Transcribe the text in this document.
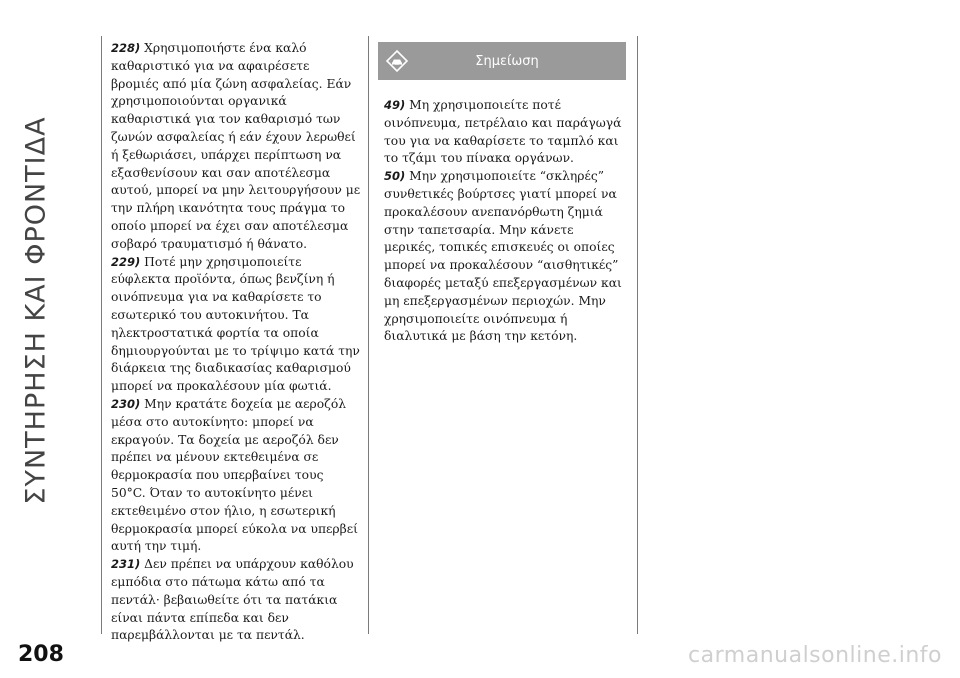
ΣΥΝΤΗΡΗΣΗ ΚΑΙ ΦΡΟΝΤΙΔΑ

228) Χρησιμοποιήστε ένα καλό καθαριστικό για να αφαιρέσετε βρομιές από μία ζώνη ασφαλείας. Εάν χρησιμοποιούνται οργανικά καθαριστικά για τον καθαρισμό των ζωνών ασφαλείας ή εάν έχουν λερωθεί ή ξεθωριάσει, υπάρχει περίπτωση να εξασθενίσουν και σαν αποτέλεσμα αυτού, μπορεί να μην λειτουργήσουν με την πλήρη ικανότητα τους πράγμα το οποίο μπορεί να έχει σαν αποτέλεσμα σοβαρό τραυματισμό ή θάνατο.

229) Ποτέ μην χρησιμοποιείτε εύφλεκτα προϊόντα, όπως βενζίνη ή οινόπνευμα για να καθαρίσετε το εσωτερικό του αυτοκινήτου. Τα ηλεκτροστατικά φορτία τα οποία δημιουργούνται με το τρίψιμο κατά την διάρκεια της διαδικασίας καθαρισμού μπορεί να προκαλέσουν μία φωτιά.

230) Μην κρατάτε δοχεία με αεροζόλ μέσα στο αυτοκίνητο: μπορεί να εκραγούν. Τα δοχεία με αεροζόλ δεν πρέπει να μένουν εκτεθειμένα σε θερμοκρασία που υπερβαίνει τους 50°C. Όταν το αυτοκίνητο μένει εκτεθειμένο στον ήλιο, η εσωτερική θερμοκρασία μπορεί εύκολα να υπερβεί αυτή την τιμή.

231) Δεν πρέπει να υπάρχουν καθόλου εμπόδια στο πάτωμα κάτω από τα πεντάλ· βεβαιωθείτε ότι τα πατάκια είναι πάντα επίπεδα και δεν παρεμβάλλονται με τα πεντάλ.

Σημείωση

49) Μη χρησιμοποιείτε ποτέ οινόπνευμα, πετρέλαιο και παράγωγά του για να καθαρίσετε το ταμπλό και το τζάμι του πίνακα οργάνων.

50) Μην χρησιμοποιείτε “σκληρές” συνθετικές βούρτσες γιατί μπορεί να προκαλέσουν ανεπανόρθωτη ζημιά στην ταπετσαρία. Μην κάνετε μερικές, τοπικές επισκευές οι οποίες μπορεί να προκαλέσουν “αισθητικές” διαφορές μεταξύ επεξεργασμένων και μη επεξεργασμένων περιοχών. Μην χρησιμοποιείτε οινόπνευμα ή διαλυτικά με βάση την κετόνη.

208	carmanualsonline.info
